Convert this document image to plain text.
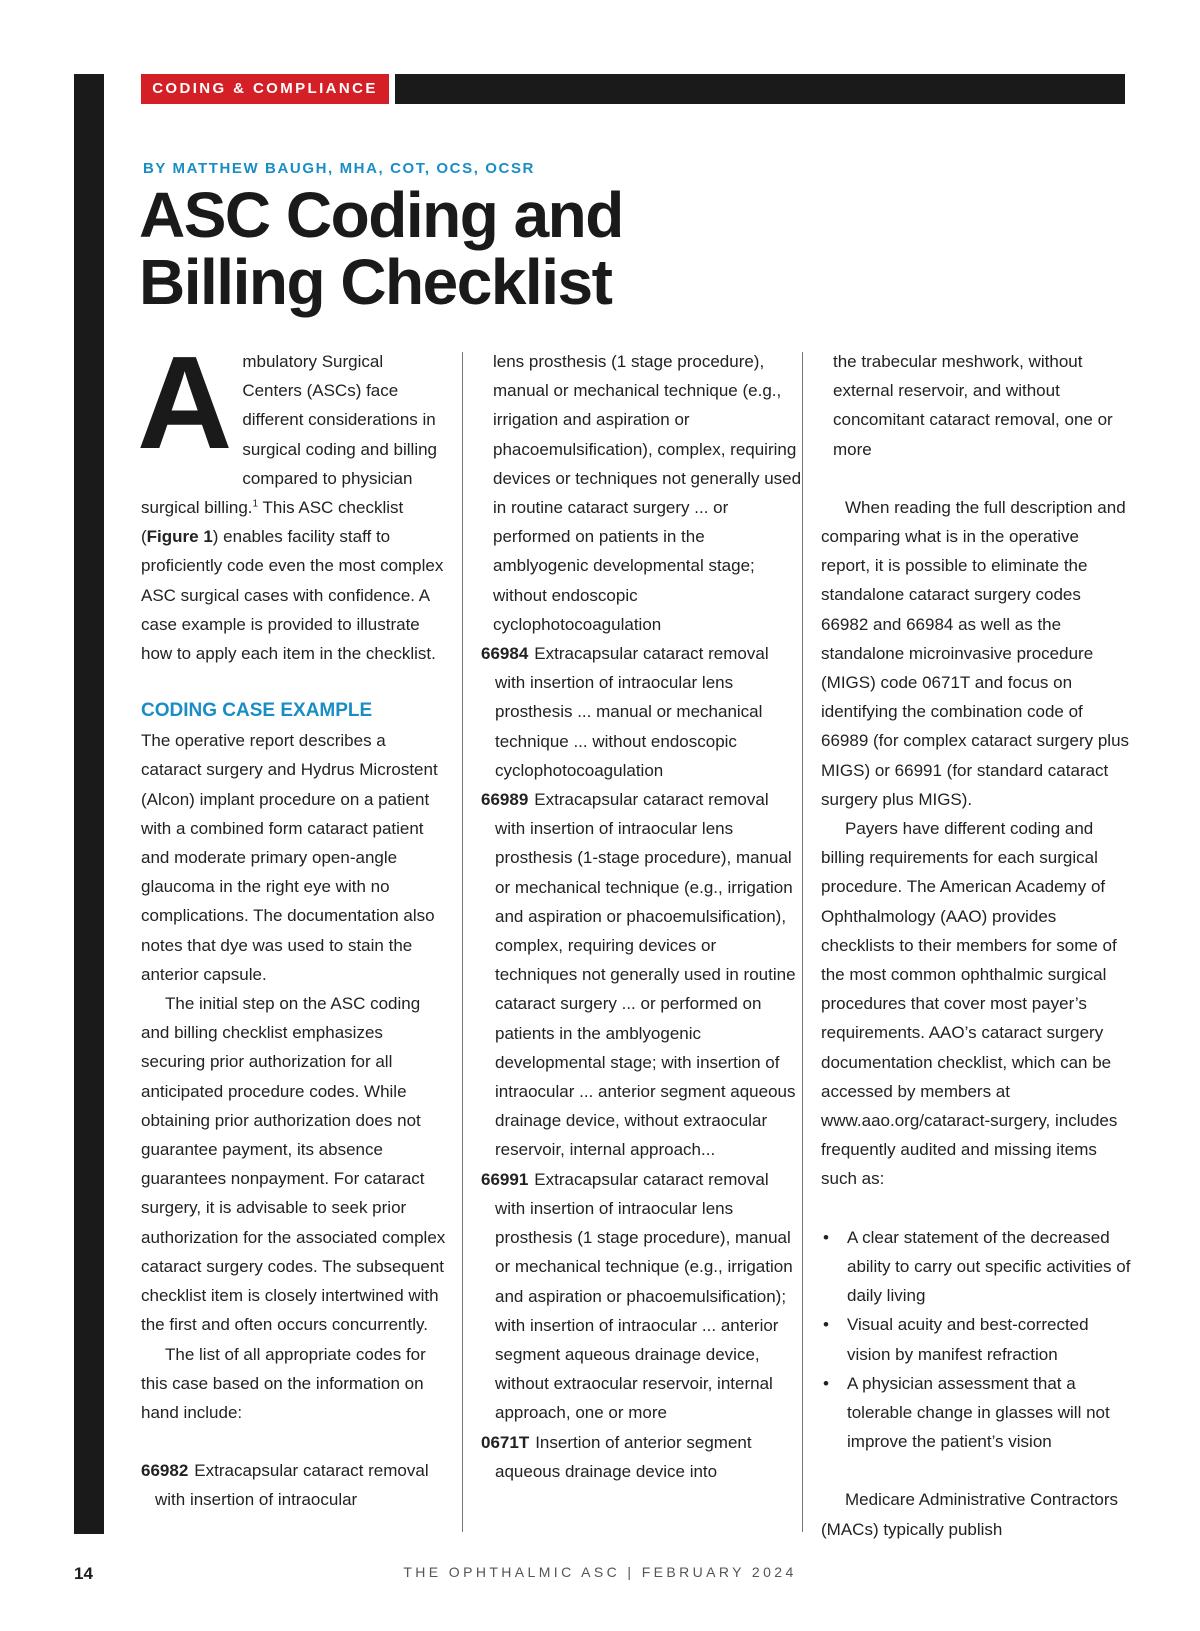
CODING & COMPLIANCE
BY MATTHEW BAUGH, MHA, COT, OCS, OCSR
ASC Coding and
Billing Checklist

Ambulatory Surgical Centers (ASCs) face different considerations in surgical coding and billing compared to physician surgical billing.$^1$ This ASC checklist (Figure 1) enables facility staff to proficiently code even the most complex ASC surgical cases with confidence. A case example is provided to illustrate how to apply each item in the checklist.

CODING CASE EXAMPLE

The operative report describes a cataract surgery and Hydrus Microstent (Alcon) implant procedure on a patient with a combined form cataract patient and moderate primary open-angle glaucoma in the right eye with no complications. The documentation also notes that dye was used to stain the anterior capsule.

The initial step on the ASC coding and billing checklist emphasizes securing prior authorization for all anticipated procedure codes. While obtaining prior authorization does not guarantee payment, its absence guarantees nonpayment. For cataract surgery, it is advisable to seek prior authorization for the associated complex cataract surgery codes. The subsequent checklist item is closely intertwined with the first and often occurs concurrently.

The list of all appropriate codes for this case based on the information on hand include:

66982 Extracapsular cataract removal with insertion of intraocular

lens prosthesis (1 stage procedure), manual or mechanical technique (e.g., irrigation and aspiration or phacoemulsification), complex, requiring devices or techniques not generally used in routine cataract surgery ... or performed on patients in the amblyogenic developmental stage; without endoscopic cyclophotocoagulation

66984 Extracapsular cataract removal with insertion of intraocular lens prosthesis ... manual or mechanical technique ... without endoscopic cyclophotocoagulation

66989 Extracapsular cataract removal with insertion of intraocular lens prosthesis (1-stage procedure), manual or mechanical technique (e.g., irrigation and aspiration or phacoemulsification), complex, requiring devices or techniques not generally used in routine cataract surgery ... or performed on patients in the amblyogenic developmental stage; with insertion of intraocular ... anterior segment aqueous drainage device, without extraocular reservoir, internal approach...

66991 Extracapsular cataract removal with insertion of intraocular lens prosthesis (1 stage procedure), manual or mechanical technique (e.g., irrigation and aspiration or phacoemulsification); with insertion of intraocular ... anterior segment aqueous drainage device, without extraocular reservoir, internal approach, one or more

0671T Insertion of anterior segment aqueous drainage device into

the trabecular meshwork, without external reservoir, and without concomitant cataract removal, one or more

When reading the full description and comparing what is in the operative report, it is possible to eliminate the standalone cataract surgery codes 66982 and 66984 as well as the standalone microinvasive procedure (MIGS) code 0671T and focus on identifying the combination code of 66989 (for complex cataract surgery plus MIGS) or 66991 (for standard cataract surgery plus MIGS).

Payers have different coding and billing requirements for each surgical procedure. The American Academy of Ophthalmology (AAO) provides checklists to their members for some of the most common ophthalmic surgical procedures that cover most payer’s requirements. AAO’s cataract surgery documentation checklist, which can be accessed by members at www.aao.org/cataract-surgery, includes frequently audited and missing items such as:

• A clear statement of the decreased ability to carry out specific activities of daily living
• Visual acuity and best-corrected vision by manifest refraction
• A physician assessment that a tolerable change in glasses will not improve the patient’s vision

Medicare Administrative Contractors (MACs) typically publish

14	THE OPHTHALMIC ASC | FEBRUARY 2024
